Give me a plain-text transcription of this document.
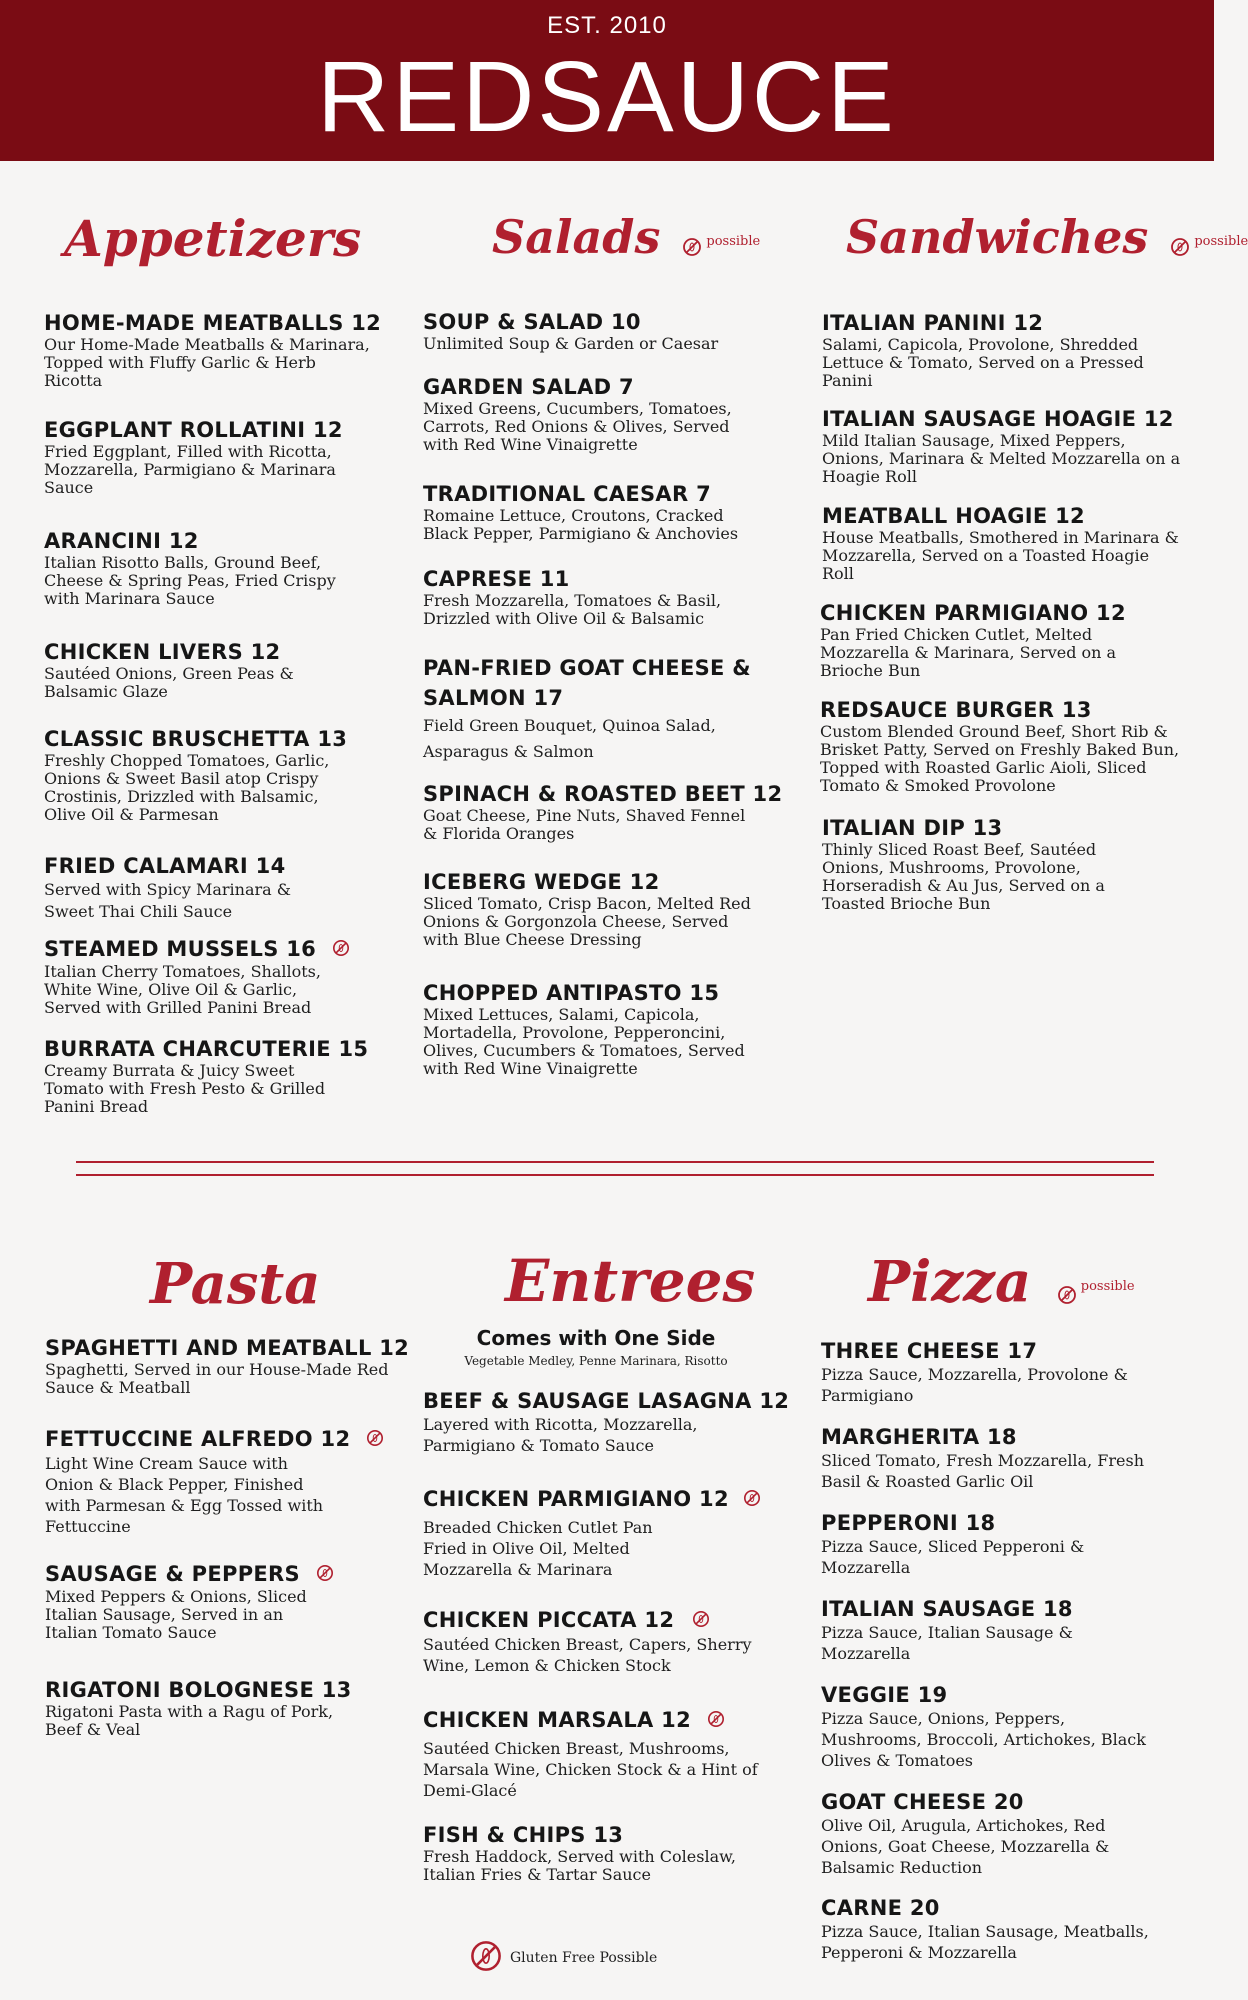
EST. 2010
REDSAUCE
Appetizers
HOME-MADE MEATBALLS 12
Our Home-Made Meatballs & Marinara, Topped with Fluffy Garlic & Herb Ricotta
EGGPLANT ROLLATINI 12
Fried Eggplant, Filled with Ricotta, Mozzarella, Parmigiano & Marinara Sauce
ARANCINI 12
Italian Risotto Balls, Ground Beef, Cheese & Spring Peas, Fried Crispy with Marinara Sauce
CHICKEN LIVERS 12
Sautéed Onions, Green Peas & Balsamic Glaze
CLASSIC BRUSCHETTA 13
Freshly Chopped Tomatoes, Garlic, Onions & Sweet Basil atop Crispy Crostinis, Drizzled with Balsamic, Olive Oil & Parmesan
FRIED CALAMARI 14
Served with Spicy Marinara & Sweet Thai Chili Sauce
STEAMED MUSSELS 16
Italian Cherry Tomatoes, Shallots, White Wine, Olive Oil & Garlic, Served with Grilled Panini Bread
BURRATA CHARCUTERIE 15
Creamy Burrata & Juicy Sweet Tomato with Fresh Pesto & Grilled Panini Bread
Salads	possible
SOUP & SALAD 10
Unlimited Soup & Garden or Caesar
GARDEN SALAD 7
Mixed Greens, Cucumbers, Tomatoes, Carrots, Red Onions & Olives, Served with Red Wine Vinaigrette
TRADITIONAL CAESAR 7
Romaine Lettuce, Croutons, Cracked Black Pepper, Parmigiano & Anchovies
CAPRESE 11
Fresh Mozzarella, Tomatoes & Basil, Drizzled with Olive Oil & Balsamic
PAN-FRIED GOAT CHEESE & SALMON 17
Field Green Bouquet, Quinoa Salad, Asparagus & Salmon
SPINACH & ROASTED BEET 12
Goat Cheese, Pine Nuts, Shaved Fennel & Florida Oranges
ICEBERG WEDGE 12
Sliced Tomato, Crisp Bacon, Melted Red Onions & Gorgonzola Cheese, Served with Blue Cheese Dressing
CHOPPED ANTIPASTO 15
Mixed Lettuces, Salami, Capicola, Mortadella, Provolone, Pepperoncini, Olives, Cucumbers & Tomatoes, Served with Red Wine Vinaigrette
Sandwiches	possible
ITALIAN PANINI 12
Salami, Capicola, Provolone, Shredded Lettuce & Tomato, Served on a Pressed Panini
ITALIAN SAUSAGE HOAGIE 12
Mild Italian Sausage, Mixed Peppers, Onions, Marinara & Melted Mozzarella on a Hoagie Roll
MEATBALL HOAGIE 12
House Meatballs, Smothered in Marinara & Mozzarella, Served on a Toasted Hoagie Roll
CHICKEN PARMIGIANO 12
Pan Fried Chicken Cutlet, Melted Mozzarella & Marinara, Served on a Brioche Bun
REDSAUCE BURGER 13
Custom Blended Ground Beef, Short Rib & Brisket Patty, Served on Freshly Baked Bun, Topped with Roasted Garlic Aioli, Sliced Tomato & Smoked Provolone
ITALIAN DIP 13
Thinly Sliced Roast Beef, Sautéed Onions, Mushrooms, Provolone, Horseradish & Au Jus, Served on a Toasted Brioche Bun
Pasta
SPAGHETTI AND MEATBALL 12
Spaghetti, Served in our House-Made Red Sauce & Meatball
FETTUCCINE ALFREDO 12
Light Wine Cream Sauce with Onion & Black Pepper, Finished with Parmesan & Egg Tossed with Fettuccine
SAUSAGE & PEPPERS
Mixed Peppers & Onions, Sliced Italian Sausage, Served in an Italian Tomato Sauce
RIGATONI BOLOGNESE 13
Rigatoni Pasta with a Ragu of Pork, Beef & Veal
Entrees
Comes with One Side
Vegetable Medley, Penne Marinara, Risotto
BEEF & SAUSAGE LASAGNA 12
Layered with Ricotta, Mozzarella, Parmigiano & Tomato Sauce
CHICKEN PARMIGIANO 12
Breaded Chicken Cutlet Pan Fried in Olive Oil, Melted Mozzarella & Marinara
CHICKEN PICCATA 12
Sautéed Chicken Breast, Capers, Sherry Wine, Lemon & Chicken Stock
CHICKEN MARSALA 12
Sautéed Chicken Breast, Mushrooms, Marsala Wine, Chicken Stock & a Hint of Demi-Glacé
FISH & CHIPS 13
Fresh Haddock, Served with Coleslaw, Italian Fries & Tartar Sauce
Pizza	possible
THREE CHEESE 17
Pizza Sauce, Mozzarella, Provolone & Parmigiano
MARGHERITA 18
Sliced Tomato, Fresh Mozzarella, Fresh Basil & Roasted Garlic Oil
PEPPERONI 18
Pizza Sauce, Sliced Pepperoni & Mozzarella
ITALIAN SAUSAGE 18
Pizza Sauce, Italian Sausage & Mozzarella
VEGGIE 19
Pizza Sauce, Onions, Peppers, Mushrooms, Broccoli, Artichokes, Black Olives & Tomatoes
GOAT CHEESE 20
Olive Oil, Arugula, Artichokes, Red Onions, Goat Cheese, Mozzarella & Balsamic Reduction
CARNE 20
Pizza Sauce, Italian Sausage, Meatballs, Pepperoni & Mozzarella
Gluten Free Possible
